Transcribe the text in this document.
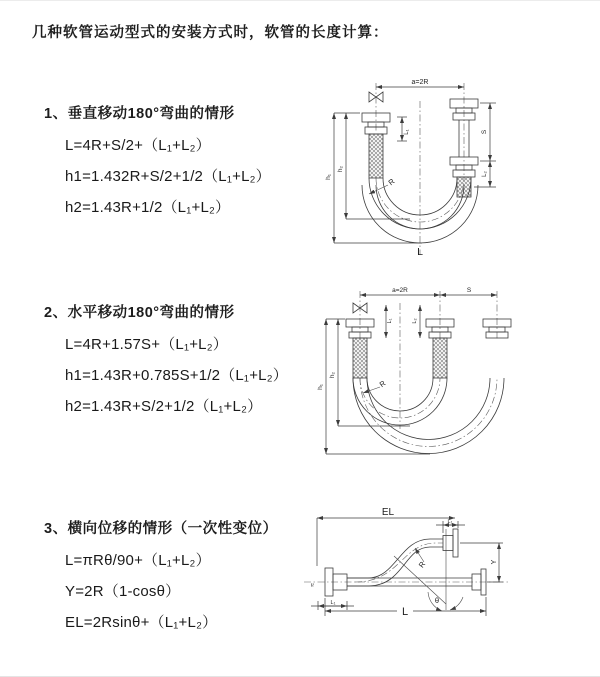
几种软管运动型式的安装方式时，软管的长度计算：
1、垂直移动180°弯曲的情形
L=4R+S/2+（L₁+L₂）
h1=1.432R+S/2+1/2（L₁+L₂）
h2=1.43R+1/2（L₁+L₂）
a=2R
L₁
R
h₁
h₂
S
L₂
L
2、水平移动180°弯曲的情形
L=4R+1.57S+（L₁+L₂）
h1=1.43R+0.785S+1/2（L₁+L₂）
h2=1.43R+S/2+1/2（L₁+L₂）
a=2R	S
L₁	L₂
R
h₁
h₂
3、横向位移的情形（一次性变位）
L=πRθ/90+（L₁+L₂）
Y=2R（1-cosθ）
EL=2Rsinθ+（L₁+L₂）
EL
L₁
≈
R
θ
Y
L₁
L
